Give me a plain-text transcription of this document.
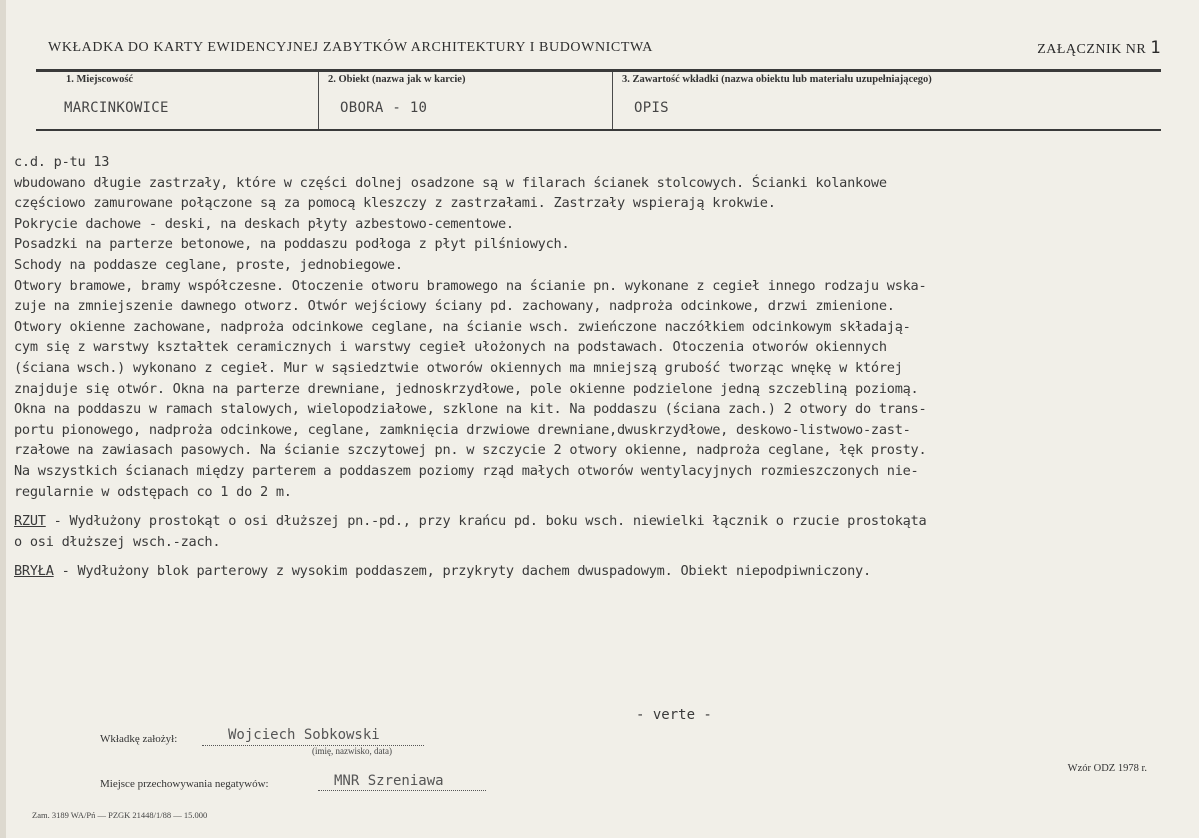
WKŁADKA DO KARTY EWIDENCYJNEJ ZABYTKÓW ARCHITEKTURY I BUDOWNICTWA	ZAŁĄCZNIK NR 1
1. Miejscowość
MARCINKOWICE
2. Obiekt (nazwa jak w karcie)
OBORA - 10
3. Zawartość wkładki (nazwa obiektu lub materiału uzupełniającego)
OPIS
c.d. p-tu 13
wbudowano długie zastrzały, które w części dolnej osadzone są w filarach ścianek stolcowych. Ścianki kolankowe
częściowo zamurowane połączone są za pomocą kleszczy z zastrzałami. Zastrzały wspierają krokwie.
Pokrycie dachowe - deski, na deskach płyty azbestowo-cementowe.
Posadzki na parterze betonowe, na poddaszu podłoga z płyt pilśniowych.
Schody na poddasze ceglane, proste, jednobiegowe.
Otwory bramowe, bramy współczesne. Otoczenie otworu bramowego na ścianie pn. wykonane z cegieł innego rodzaju wska-
zuje na zmniejszenie dawnego otworz. Otwór wejściowy ściany pd. zachowany, nadproża odcinkowe, drzwi zmienione.
Otwory okienne zachowane, nadproża odcinkowe ceglane, na ścianie wsch. zwieńczone naczółkiem odcinkowym składają-
cym się z warstwy kształtek ceramicznych i warstwy cegieł ułożonych na podstawach. Otoczenia otworów okiennych
(ściana wsch.) wykonano z cegieł. Mur w sąsiedztwie otworów okiennych ma mniejszą grubość tworząc wnękę w której
znajduje się otwór. Okna na parterze drewniane, jednoskrzydłowe, pole okienne podzielone jedną szczebliną poziomą.
Okna na poddaszu w ramach stalowych, wielopodziałowe, szklone na kit. Na poddaszu (ściana zach.) 2 otwory do trans-
portu pionowego, nadproża odcinkowe, ceglane, zamknięcia drzwiowe drewniane,dwuskrzydłowe, deskowo-listwowo-zast-
rzałowe na zawiasach pasowych. Na ścianie szczytowej pn. w szczycie 2 otwory okienne, nadproża ceglane, łęk prosty.
Na wszystkich ścianach między parterem a poddaszem poziomy rząd małych otworów wentylacyjnych rozmieszczonych nie-
regularnie w odstępach co 1 do 2 m.
RZUT - Wydłużony prostokąt o osi dłuższej pn.-pd., przy krańcu pd. boku wsch. niewielki łącznik o rzucie prostokąta
o osi dłuższej wsch.-zach.
BRYŁA - Wydłużony blok parterowy z wysokim poddaszem, przykryty dachem dwuspadowym. Obiekt niepodpiwniczony.
- verte -
Wkładkę założył:	Wojciech Sobkowski
(imię, nazwisko, data)
Miejsce przechowywania negatywów:	MNR Szreniawa
Wzór ODZ 1978 r.
Zam. 3189 WA/Pń — PZGK 21448/1/88 — 15.000
